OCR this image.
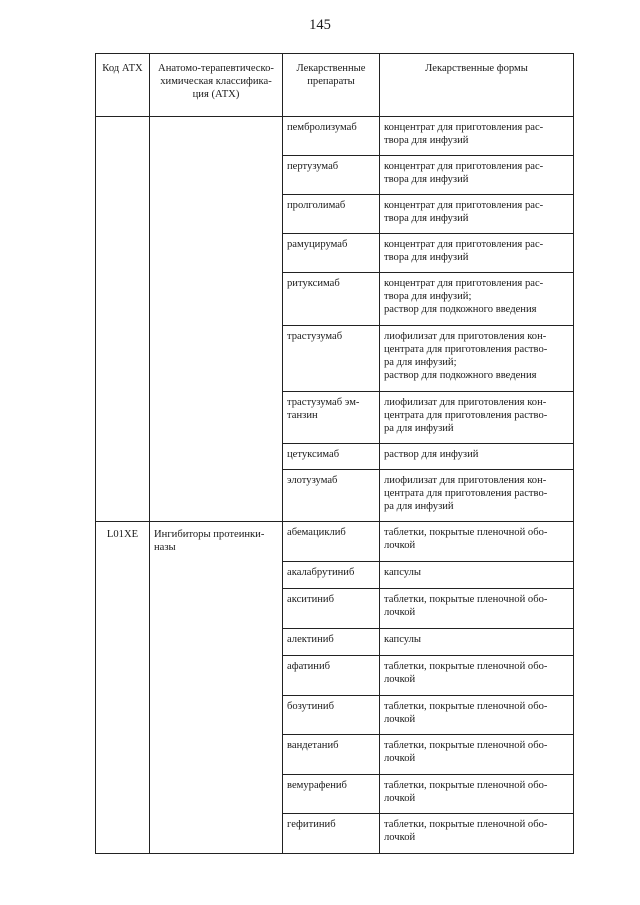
145
Код АТХ	Анатомо-терапевтическо-
химическая классифика-
ция (АТХ)	Лекарственные
препараты	Лекарственные формы

		пембролизумаб	концентрат для приготовления рас-
твора для инфузий

		пертузумаб	концентрат для приготовления рас-
твора для инфузий

		пролголимаб	концентрат для приготовления рас-
твора для инфузий

		рамуцирумаб	концентрат для приготовления рас-
твора для инфузий

		ритуксимаб	концентрат для приготовления рас-
твора для инфузий;
раствор для подкожного введения

		трастузумаб	лиофилизат для приготовления кон-
центрата для приготовления раство-
ра для инфузий;
раствор для подкожного введения

		трастузумаб эм-
танзин	лиофилизат для приготовления кон-
центрата для приготовления раство-
ра для инфузий

		цетуксимаб	раствор для инфузий

		элотузумаб	лиофилизат для приготовления кон-
центрата для приготовления раство-
ра для инфузий

L01XE	Ингибиторы протеинки-
назы	абемациклиб	таблетки, покрытые пленочной обо-
лочкой

		акалабрутиниб	капсулы

		акситиниб	таблетки, покрытые пленочной обо-
лочкой

		алектиниб	капсулы

		афатиниб	таблетки, покрытые пленочной обо-
лочкой

		бозутиниб	таблетки, покрытые пленочной обо-
лочкой

		вандетаниб	таблетки, покрытые пленочной обо-
лочкой

		вемурафениб	таблетки, покрытые пленочной обо-
лочкой

		гефитиниб	таблетки, покрытые пленочной обо-
лочкой
